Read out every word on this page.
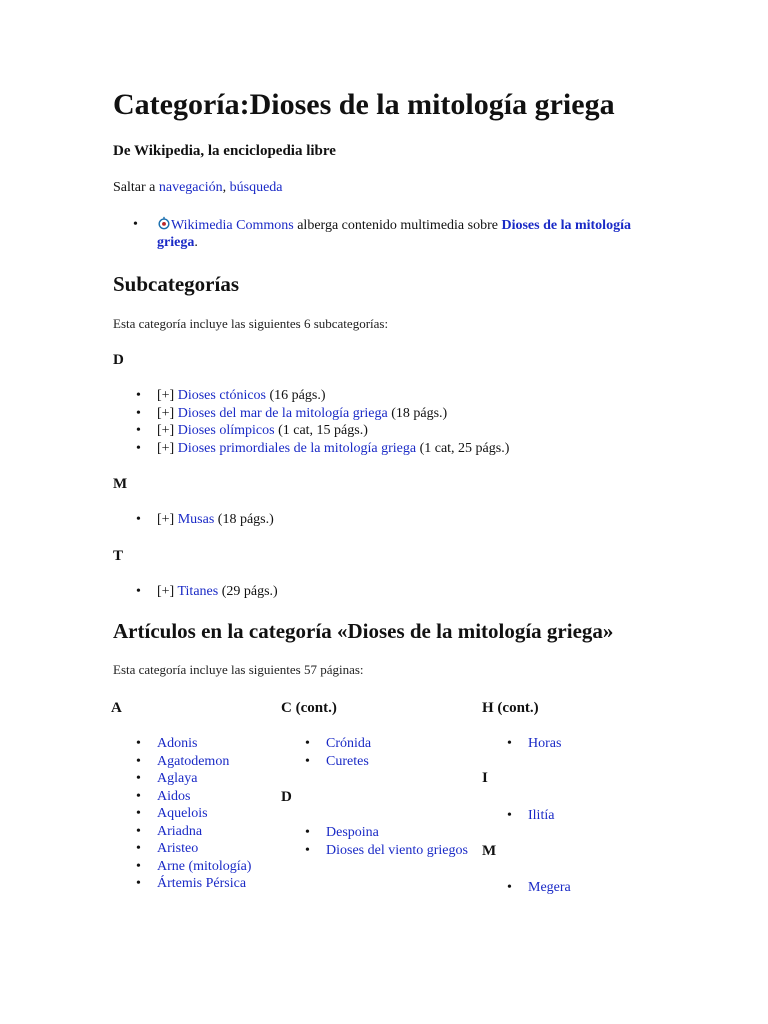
Categoría:Dioses de la mitología griega
De Wikipedia, la enciclopedia libre
Saltar a navegación, búsqueda
•	Wikimedia Commons alberga contenido multimedia sobre Dioses de la mitología griega.
Subcategorías
Esta categoría incluye las siguientes 6 subcategorías:
D
• [+] Dioses ctónicos (16 págs.)
• [+] Dioses del mar de la mitología griega (18 págs.)
• [+] Dioses olímpicos (1 cat, 15 págs.)
• [+] Dioses primordiales de la mitología griega (1 cat, 25 págs.)
M
• [+] Musas (18 págs.)
T
• [+] Titanes (29 págs.)
Artículos en la categoría «Dioses de la mitología griega»
Esta categoría incluye las siguientes 57 páginas:
A
• Adonis
• Agatodemon
• Aglaya
• Aidos
• Aquelois
• Ariadna
• Aristeo
• Arne (mitología)
• Ártemis Pérsica
C (cont.)
• Crónida
• Curetes
D
• Despoina
• Dioses del viento griegos
H (cont.)
• Horas
I
• Ilitía
M
• Megera
